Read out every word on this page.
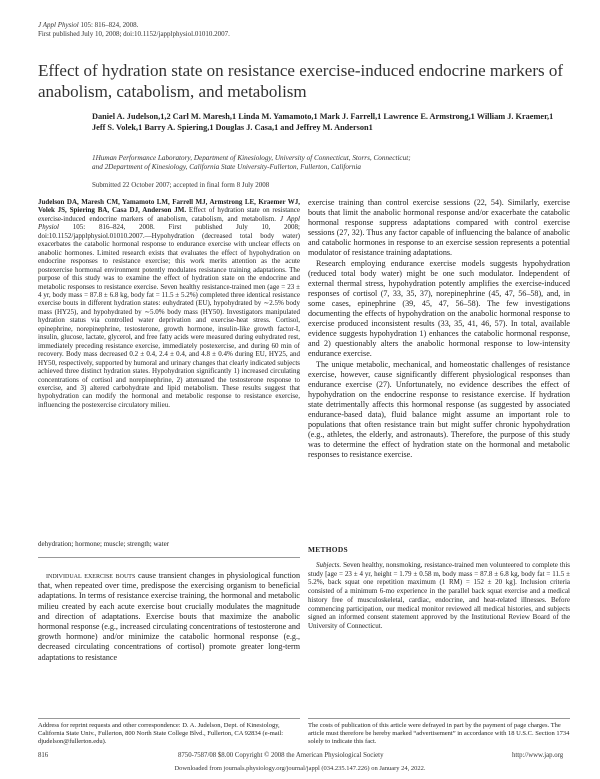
J Appl Physiol 105: 816–824, 2008.
First published July 10, 2008; doi:10.1152/japplphysiol.01010.2007.
Effect of hydration state on resistance exercise-induced endocrine markers of anabolism, catabolism, and metabolism
Daniel A. Judelson,1,2 Carl M. Maresh,1 Linda M. Yamamoto,1 Mark J. Farrell,1 Lawrence E. Armstrong,1 William J. Kraemer,1 Jeff S. Volek,1 Barry A. Spiering,1 Douglas J. Casa,1 and Jeffrey M. Anderson1
1Human Performance Laboratory, Department of Kinesiology, University of Connecticut, Storrs, Connecticut;
and 2Department of Kinesiology, California State University-Fullerton, Fullerton, California
Submitted 22 October 2007; accepted in final form 8 July 2008

Judelson DA, Maresh CM, Yamamoto LM, Farrell MJ, Armstrong LE, Kraemer WJ, Volek JS, Spiering BA, Casa DJ, Anderson JM. Effect of hydration state on resistance exercise-induced endocrine markers of anabolism, catabolism, and metabolism. J Appl Physiol 105: 816–824, 2008. First published July 10, 2008; doi:10.1152/japplphysiol.01010.2007.—Hypohydration (decreased total body water) exacerbates the catabolic hormonal response to endurance exercise with unclear effects on anabolic hormones. Limited research exists that evaluates the effect of hypohydration on endocrine responses to resistance exercise; this work merits attention as the acute postexercise hormonal environment potently modulates resistance training adaptations. The purpose of this study was to examine the effect of hydration state on the endocrine and metabolic responses to resistance exercise. Seven healthy resistance-trained men (age = 23 ± 4 yr, body mass = 87.8 ± 6.8 kg, body fat = 11.5 ± 5.2%) completed three identical resistance exercise bouts in different hydration states: euhydrated (EU), hypohydrated by ∼2.5% body mass (HY25), and hypohydrated by ∼5.0% body mass (HY50). Investigators manipulated hydration status via controlled water deprivation and exercise-heat stress. Cortisol, epinephrine, norepinephrine, testosterone, growth hormone, insulin-like growth factor-I, insulin, glucose, lactate, glycerol, and free fatty acids were measured during euhydrated rest, immediately preceding resistance exercise, immediately postexercise, and during 60 min of recovery. Body mass decreased 0.2 ± 0.4, 2.4 ± 0.4, and 4.8 ± 0.4% during EU, HY25, and HY50, respectively, supported by humoral and urinary changes that clearly indicated subjects achieved three distinct hydration states. Hypohydration significantly 1) increased circulating concentrations of cortisol and norepinephrine, 2) attenuated the testosterone response to exercise, and 3) altered carbohydrate and lipid metabolism. These results suggest that hypohydration can modify the hormonal and metabolic response to resistance exercise, influencing the postexercise circulatory milieu.

dehydration; hormone; muscle; strength; water

individual exercise bouts cause transient changes in physiological function that, when repeated over time, predispose the exercising organism to beneficial adaptations. In terms of resistance exercise training, the hormonal and metabolic milieu created by each acute exercise bout crucially modulates the magnitude and direction of adaptations. Exercise bouts that maximize the anabolic hormonal response (e.g., increased circulating concentrations of testosterone and growth hormone) and/or minimize the catabolic hormonal response (e.g., decreased circulating concentrations of cortisol) promote greater long-term adaptations to resistance

exercise training than control exercise sessions (22, 54). Similarly, exercise bouts that limit the anabolic hormonal response and/or exacerbate the catabolic hormonal response suppress adaptations compared with control exercise sessions (27, 32). Thus any factor capable of influencing the balance of anabolic and catabolic hormones in response to an exercise session represents a potential modulator of resistance training adaptations.

Research employing endurance exercise models suggests hypohydration (reduced total body water) might be one such modulator. Independent of external thermal stress, hypohydration potently amplifies the exercise-induced responses of cortisol (7, 33, 35, 37), norepinephrine (45, 47, 56–58), and, in some cases, epinephrine (39, 45, 47, 56–58). The few investigations documenting the effects of hypohydration on the anabolic hormonal response to exercise produced inconsistent results (33, 35, 41, 46, 57). In total, available evidence suggests hypohydration 1) enhances the catabolic hormonal response, and 2) questionably alters the anabolic hormonal response to low-intensity endurance exercise.

The unique metabolic, mechanical, and homeostatic challenges of resistance exercise, however, cause significantly different physiological responses than endurance exercise (27). Unfortunately, no evidence describes the effect of hypohydration on the endocrine response to resistance exercise. If hydration state detrimentally affects this hormonal response (as suggested by associated endurance-based data), fluid balance might assume an important role to populations that often resistance train but might suffer chronic hypohydration (e.g., athletes, the elderly, and astronauts). Therefore, the purpose of this study was to determine the effect of hydration state on the hormonal and metabolic responses to resistance exercise.

METHODS

Subjects. Seven healthy, nonsmoking, resistance-trained men volunteered to complete this study [age = 23 ± 4 yr, height = 1.79 ± 0.58 m, body mass = 87.8 ± 6.8 kg, body fat = 11.5 ± 5.2%, back squat one repetition maximum (1 RM) = 152 ± 20 kg]. Inclusion criteria consisted of a minimum 6-mo experience in the parallel back squat exercise and a medical history free of musculoskeletal, cardiac, endocrine, and heat-related illnesses. Before commencing participation, our medical monitor reviewed all medical histories, and subjects signed an informed consent statement approved by the Institutional Review Board of the University of Connecticut.

Address for reprint requests and other correspondence: D. A. Judelson, Dept. of Kinesiology, California State Univ., Fullerton, 800 North State College Blvd., Fullerton, CA 92834 (e-mail: djudelson@fullerton.edu).
The costs of publication of this article were defrayed in part by the payment of page charges. The article must therefore be hereby marked “advertisement” in accordance with 18 U.S.C. Section 1734 solely to indicate this fact.
816	8750-7587/08 $8.00 Copyright © 2008 the American Physiological Society	http://www.jap.org
Downloaded from journals.physiology.org/journal/jappl (034.235.147.226) on January 24, 2022.
